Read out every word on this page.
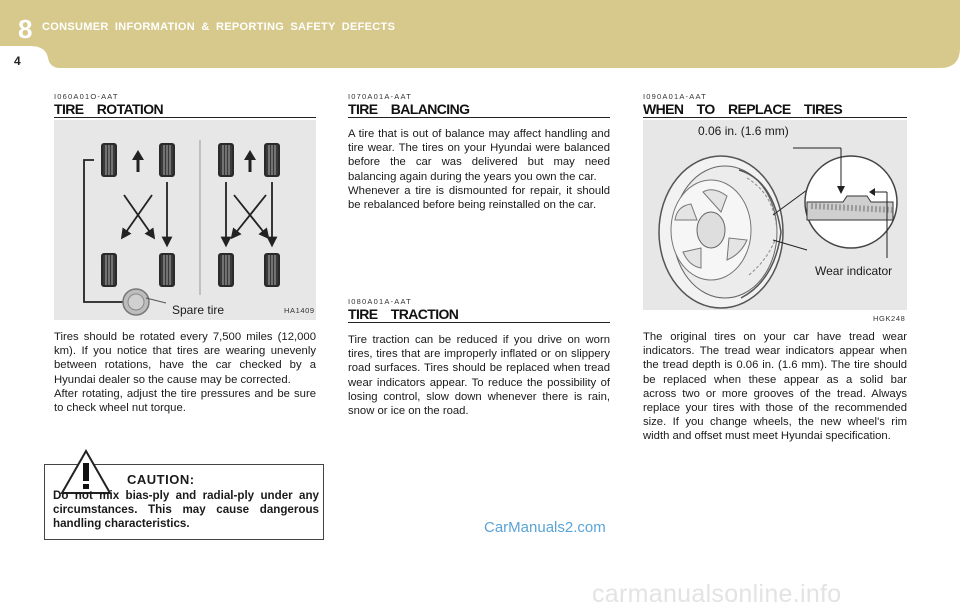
8 CONSUMER INFORMATION & REPORTING SAFETY DEFECTS
4
I060A01O-AAT
TIRE ROTATION
Spare tire	HA1409

Tires should be rotated every 7,500 miles (12,000 km). If you notice that tires are wearing unevenly between rotations, have the car checked by a Hyundai dealer so the cause may be corrected.

After rotating, adjust the tire pressures and be sure to check wheel nut torque.

CAUTION:
Do not mix bias-ply and radial-ply under any circumstances. This may cause dangerous handling characteristics.
I070A01A-AAT
TIRE BALANCING

A tire that is out of balance may affect handling and tire wear. The tires on your Hyundai were balanced before the car was delivered but may need balancing again during the years you own the car.

Whenever a tire is dismounted for repair, it should be rebalanced before being reinstalled on the car.

I080A01A-AAT
TIRE TRACTION

Tire traction can be reduced if you drive on worn tires, tires that are improperly inflated or on slippery road surfaces. Tires should be replaced when tread wear indicators appear. To reduce the possibility of losing control, slow down whenever there is rain, snow or ice on the road.

CarManuals2.com
I090A01A-AAT
WHEN TO REPLACE TIRES
0.06 in. (1.6 mm)
Wear indicator
HGK248

The original tires on your car have tread wear indicators. The tread wear indicators appear when the tread depth is 0.06 in. (1.6 mm). The tire should be replaced when these appear as a solid bar across two or more grooves of the tread. Always replace your tires with those of the recommended size. If you change wheels, the new wheel's rim width and offset must meet Hyundai specification.

carmanualsonline.info
